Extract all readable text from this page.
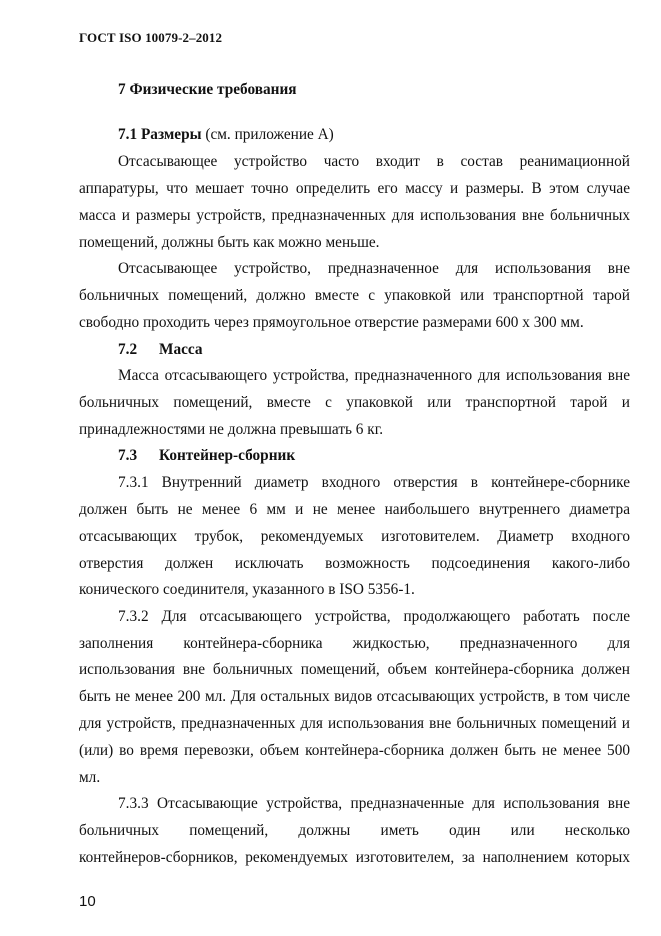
ГОСТ ISO 10079-2–2012
7 Физические требования
7.1 Размеры (см. приложение А)
Отсасывающее устройство часто входит в состав реанимационной
аппаратуры, что мешает точно определить его массу и размеры. В этом случае
масса и размеры устройств, предназначенных для использования вне больничных
помещений, должны быть как можно меньше.
Отсасывающее устройство, предназначенное для использования вне
больничных помещений, должно вместе с упаковкой или транспортной тарой
свободно проходить через прямоугольное отверстие размерами 600 х 300 мм.
7.2 Масса
Масса отсасывающего устройства, предназначенного для использования вне
больничных помещений, вместе с упаковкой или транспортной тарой и
принадлежностями не должна превышать 6 кг.
7.3 Контейнер-сборник
7.3.1 Внутренний диаметр входного отверстия в контейнере-сборнике
должен быть не менее 6 мм и не менее наибольшего внутреннего диаметра
отсасывающих трубок, рекомендуемых изготовителем. Диаметр входного
отверстия должен исключать возможность подсоединения какого-либо
конического соединителя, указанного в ISO 5356-1.
7.3.2 Для отсасывающего устройства, продолжающего работать после
заполнения контейнера-сборника жидкостью, предназначенного для
использования вне больничных помещений, объем контейнера-сборника должен
быть не менее 200 мл. Для остальных видов отсасывающих устройств, в том числе
для устройств, предназначенных для использования вне больничных помещений и
(или) во время перевозки, объем контейнера-сборника должен быть не менее 500
мл.
7.3.3 Отсасывающие устройства, предназначенные для использования вне
больничных помещений, должны иметь один или несколько
контейнеров-сборников, рекомендуемых изготовителем, за наполнением которых
10
